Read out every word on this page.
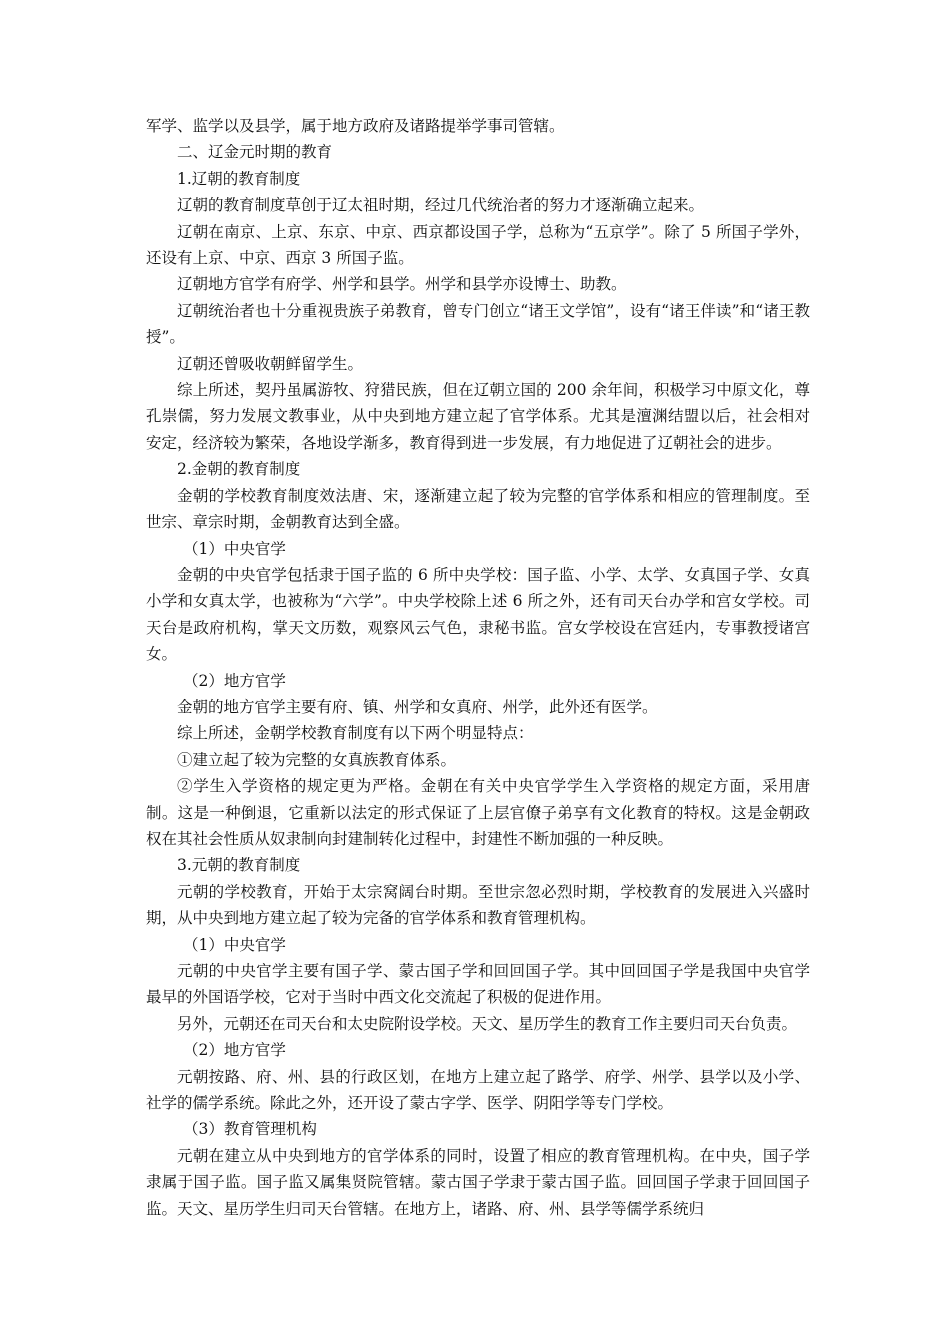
军学、监学以及县学，属于地方政府及诸路提举学事司管辖。

二、辽金元时期的教育

1.辽朝的教育制度

辽朝的教育制度草创于辽太祖时期，经过几代统治者的努力才逐渐确立起来。

辽朝在南京、上京、东京、中京、西京都设国子学，总称为“五京学”。除了 5 所国子学外，还设有上京、中京、西京 3 所国子监。

辽朝地方官学有府学、州学和县学。州学和县学亦设博士、助教。

辽朝统治者也十分重视贵族子弟教育，曾专门创立“诸王文学馆”，设有“诸王伴读”和“诸王教授”。

辽朝还曾吸收朝鲜留学生。

综上所述，契丹虽属游牧、狩猎民族，但在辽朝立国的 200 余年间，积极学习中原文化，尊孔崇儒，努力发展文教事业，从中央到地方建立起了官学体系。尤其是澶渊结盟以后，社会相对安定，经济较为繁荣，各地设学渐多，教育得到进一步发展，有力地促进了辽朝社会的进步。

2.金朝的教育制度

金朝的学校教育制度效法唐、宋，逐渐建立起了较为完整的官学体系和相应的管理制度。至世宗、章宗时期，金朝教育达到全盛。

（1）中央官学

金朝的中央官学包括隶于国子监的 6 所中央学校：国子监、小学、太学、女真国子学、女真小学和女真太学，也被称为“六学”。中央学校除上述 6 所之外，还有司天台办学和宫女学校。司天台是政府机构，掌天文历数，观察风云气色，隶秘书监。宫女学校设在宫廷内，专事教授诸宫女。

（2）地方官学

金朝的地方官学主要有府、镇、州学和女真府、州学，此外还有医学。

综上所述，金朝学校教育制度有以下两个明显特点：

①建立起了较为完整的女真族教育体系。

②学生入学资格的规定更为严格。金朝在有关中央官学学生入学资格的规定方面，采用唐制。这是一种倒退，它重新以法定的形式保证了上层官僚子弟享有文化教育的特权。这是金朝政权在其社会性质从奴隶制向封建制转化过程中，封建性不断加强的一种反映。

3.元朝的教育制度

元朝的学校教育，开始于太宗窝阔台时期。至世宗忽必烈时期，学校教育的发展进入兴盛时期，从中央到地方建立起了较为完备的官学体系和教育管理机构。

（1）中央官学

元朝的中央官学主要有国子学、蒙古国子学和回回国子学。其中回回国子学是我国中央官学最早的外国语学校，它对于当时中西文化交流起了积极的促进作用。

另外，元朝还在司天台和太史院附设学校。天文、星历学生的教育工作主要归司天台负责。

（2）地方官学

元朝按路、府、州、县的行政区划，在地方上建立起了路学、府学、州学、县学以及小学、社学的儒学系统。除此之外，还开设了蒙古字学、医学、阴阳学等专门学校。

（3）教育管理机构

元朝在建立从中央到地方的官学体系的同时，设置了相应的教育管理机构。在中央，国子学隶属于国子监。国子监又属集贤院管辖。蒙古国子学隶于蒙古国子监。回回国子学隶于回回国子监。天文、星历学生归司天台管辖。在地方上，诸路、府、州、县学等儒学系统归
